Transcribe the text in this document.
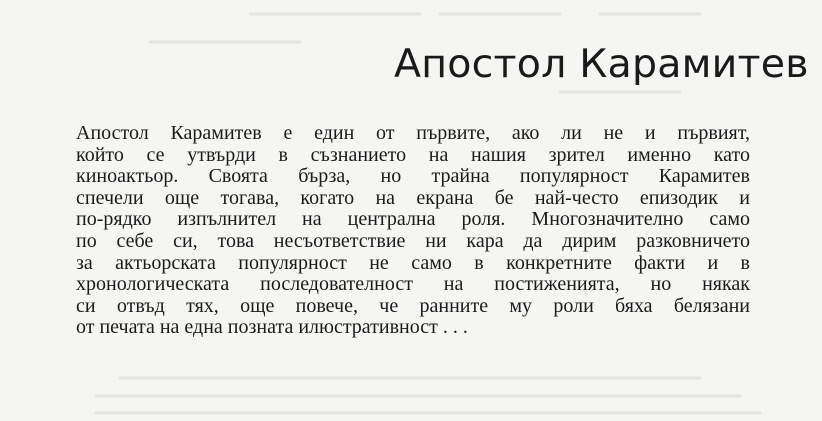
Апостол Карамитев

Апостол Карамитев е един от първите, ако ли не и първият,
който се утвърди в съзнанието на нашия зрител именно като
киноактьор. Своята бърза, но трайна популярност Карамитев
спечели още тогава, когато на екрана бе най-често епизодик и
по-рядко изпълнител на централна роля. Многозначително само
по себе си, това несъответствие ни кара да дирим разковничето
за актьорската популярност не само в конкретните факти и в
хронологическата последователност на постиженията, но някак
си отвъд тях, още повече, че ранните му роли бяха белязани
от печата на една позната илюстративност . . .
